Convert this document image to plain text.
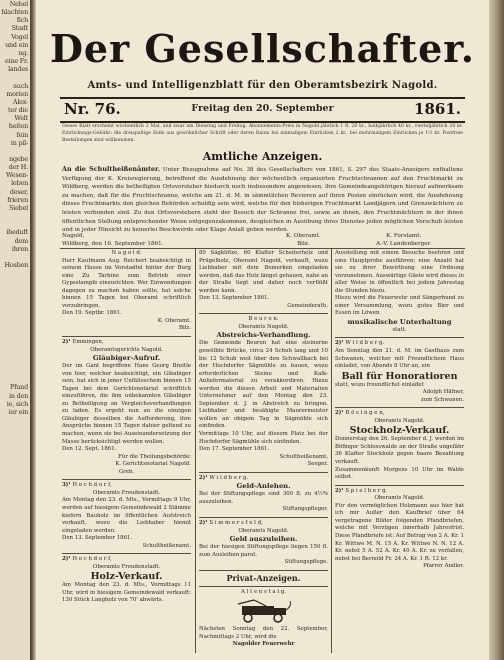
Nebel
hlachten
fich
Stadt
Vogel
und ein
ng.
eine Fr.
landes

auch
morien
Alex-
ter die
Welt
heiten
fein
in pil-

ngebe
der H.
Wesen-
leben
deser,
frieren
Siebel

ibeduft
dem
ihren

Hosben

Pfund
in den
ie, sich
ier ein
Der Gesellschafter.
Amts- und Intelligenzblatt für den Oberamtsbezirk Nagold.
Nr. 76.	Freitag den 20. September	1861.
Dieses Blatt erscheint wöchentlich 2 Mal, und zwar am Dienstag und Freitag. Abonnements-Preis in Nagold jährlich 1 fl. 20 kr., halbjährlich 40 kr., vierteljährlich 20 kr. Einrückungs-Gebühr: die dreispaltige Zeile aus gewöhnlicher Schrift oder deren Raum bei einmaligem Einrücken 2 kr., bei mehrmaligem Einrücken je 1½ kr. Postfreie Bestellungen sind willkommen.
Amtliche Anzeigen.
An die Schultheißenämter. Unter Bezugnahme auf No. 38 des Gesellschafters von 1861, S. 297 des Staats-Anzeigers enthaltene Verfügung der K. Kreisregierung, betreffend die Ausdehnung der wöchentlich organisirten Fruchtschrannen auf den Fruchtmarkt zu Wildberg, werden die betheiligten Ortsvorsteher hiedurch noch insbesondere angewiesen, ihre Gemeindeangehörigen hierauf aufmerksam zu machen, daß für die Fruchtschranne, welche am 21. d. M. in sämmtlichen Revieren auf ihren Posten einrücken wird, die Ausdehnung dieses Fruchtmarkts den gleichen Behörden schuldig sein wird, welche für den bisherigen Fruchtmarkt Landjägern und Grenzwächtern zu leisten verbunden sind. Zu den Ortsvorstehern steht der Besuch der Schranne frei, sowie an ihnen, den Fruchtmächtern in der ihnen öffentlichen Stellung entsprechender Weise entgegenzukommen, desgleichen in Ausübung ihres Dienstes jeden möglichen Vorschub leisten und in jeder Hinsicht zu keinerlei Beschwerde oder Klage Anlaß geben werden.
Nagold,
Wildberg, den 16. September 1861.
K. Oberamt.
Bilz.
K. Forstamt.
A.-V. Landenberger.
N a g o l d.
Herr Kaufmann Aug. Reichert beabsichtigt in seinem Hause im Vorstadtel hinter der Burg eine Zu Tarbine zum Betrieb einer Gypsstampfe einzurichten. Wer Einwendungen dagegen zu machen haben sollte, hat solche binnen 15 Tagen bei Oberamt schriftlich vorzubringen.
Den 19. Septbr. 1861.
K. Oberamt.
Bilz.
2)¹ Emmingen,
Oberamtsgerichts Nagold.
Gläubiger-Aufruf.
Der im Gant begriffene Hans Georg Breitle von hier, welcher beabsichtigt, ein Gläubiger sein, hat sich in jener Unfälleschein binnen 15 Tagen bei dem Gerichtsnotariat schriftlich einzuführen, die ihm unbekannten Gläubiger zu Betheiligung an Vergleichsverhandlungen zu laden. Es ergeht nun an die einzigen Gläubiger desselben die Aufforderung, ihre Ansprüche binnen 15 Tagen dahier geltend zu machen, wenn sie bei Auseinandersetzung der Masse berücksichtigt werden wollen.
Den 12. Sept. 1861.
Für die Theilungsbehörde:
K. Gerichtsnotariat Nagold.
Greb.
3)¹ H o c h d o r f,
Oberamts Freudenstadt.
Am Montag den 23. d. Mts., Vormittags 9 Uhr, werden auf hiesigem Gemeindewald 2 Stämme kiefern Bauholz im öffentlichen Aufstreich verkauft, wozu die Liebhaber hiemit eingeladen werden.
Den 13. September 1861.
Schultheißenamt.
2)¹ H o c h d o r f,
Oberamts Freudenstadt.
Holz-Verkauf.
Am Montag den 23. d. Mts., Vormittags 11 Uhr, wird in hiesigem Gemeindewald verkauft: 130 Stück Langholz von 70' abwärts.
80 Sägklötze, 60 Klafter Scheiterholz und Prügelholz, Oberamt Nagold, verkauft, wozu Liebhaber mit dem Bemerken eingeladen werden, daß das Holz längst gehauen, nahe an der Straße liegt und daher noch verflößt werden kann.
Den 13. September 1861.
Gemeinderath.
B e u r e n.
Oberamts Nagold.
Abstreichs-Verhandlung.
Die Gemeinde Beuren hat eine steinerne gewölbte Brücke, circa 24 Schuh lang und 10 bis 12 Schuh weit über den Schwallbach bei der Hochdorfer Sägmühle zu bauen, wozu erforderlichen Steine und Kalk-Anliefermaterial zu verakkordiren. Hiezu werden die diesen Arbeit und Materialien Unternehmer auf den Montag den 23. September d. J. in Abstreich zu bringen. Liebhaber und besähigte Maurermeister wollen an obigem Tag in Sägmühle sich einfinden.
Vormittags 10 Uhr, auf diesem Platz bei der Hochdorfer Sägmühle sich einfinden.
Den 17. September 1861.
Schultheißenamt.
Seeger.
2)¹ W i l d b e r g.
Geld-Anlehen.
Bei der Stiftungspflege sind 300 fl. zu 4½% auszuleihen.
Stiftungspfleger.
2)¹ S i m m e r s f e l d,
Oberamts Nagold.
Geld auszuleihen.
Bei der hiesigen Stiftungspflege liegen 150 fl. zum Ausleihen parat.
Stiftungspflege.
Privat-Anzeigen.
A l t e n s t a i g.
Nächsten Sonntag den 22. September, Nachmittags 2 Uhr, wird die
Nagolder Feuerwehr
Ausstellung mit einem Besuche beehren und eine Hauptprobe ausführen; eine Anzahl hat sie zu ihrer Bewirthung eine Ordnung vorzunehmen. Auswärtige Gäste wird dieses in aller Weise in öffentlich bei jedem Jahrestag die Stunden hiezu.
Hiezu wird die Feuerwehr und Sängerbund zu einer Versammlung, wozu gutes Bier und Essen im Löwen
musikalische Unterhaltung
statt.
2)¹ W i l d b e r g.
Am Sonntag den 21. d. M. im Gasthaus zum Schwanen, welcher mit Freundlichem Haus einladet, von Abends 8 Uhr an, ein
Ball für Honoratioren
statt, wozu freundlichst einladet
Adolph Häfner,
zum Schwanen.
2)¹ B ö s i n g e n,
Oberamts Nagold.
Stockholz-Verkauf.
Donnerstag den 26. September d. J. werden im Böfinger Schlosswalde an der Straße ungefähr 36 Klafter Stockholz gegen baare Bezahlung verkauft.
Zusammenkunft Morgens 10 Uhr im Walde selbst.
2)¹ S p i e l b e r g.
Oberamts Nagold.
Für den vermöglichen Holzmann aus hier hat ich mir Außer den Kaufbrief über 64 vergetragene Bilder folgenden Pfandbriefen, welche mit Verzügen innerhalb Jahresfrist. Diese Pfandbriefe ist: Auf Betrag von 2 A. Kr. 1 Kr. Wittwe M. N. 15 A. Kr. Wittwe N. N. 12 A. Kr. nebst 5 A. 52 A. Kr. 40 A. Kr. zu verfallen, nebst bei Bernold Fr. 24 A. Kr. 1 R. 12 kr.
Pfarrer Andler.
